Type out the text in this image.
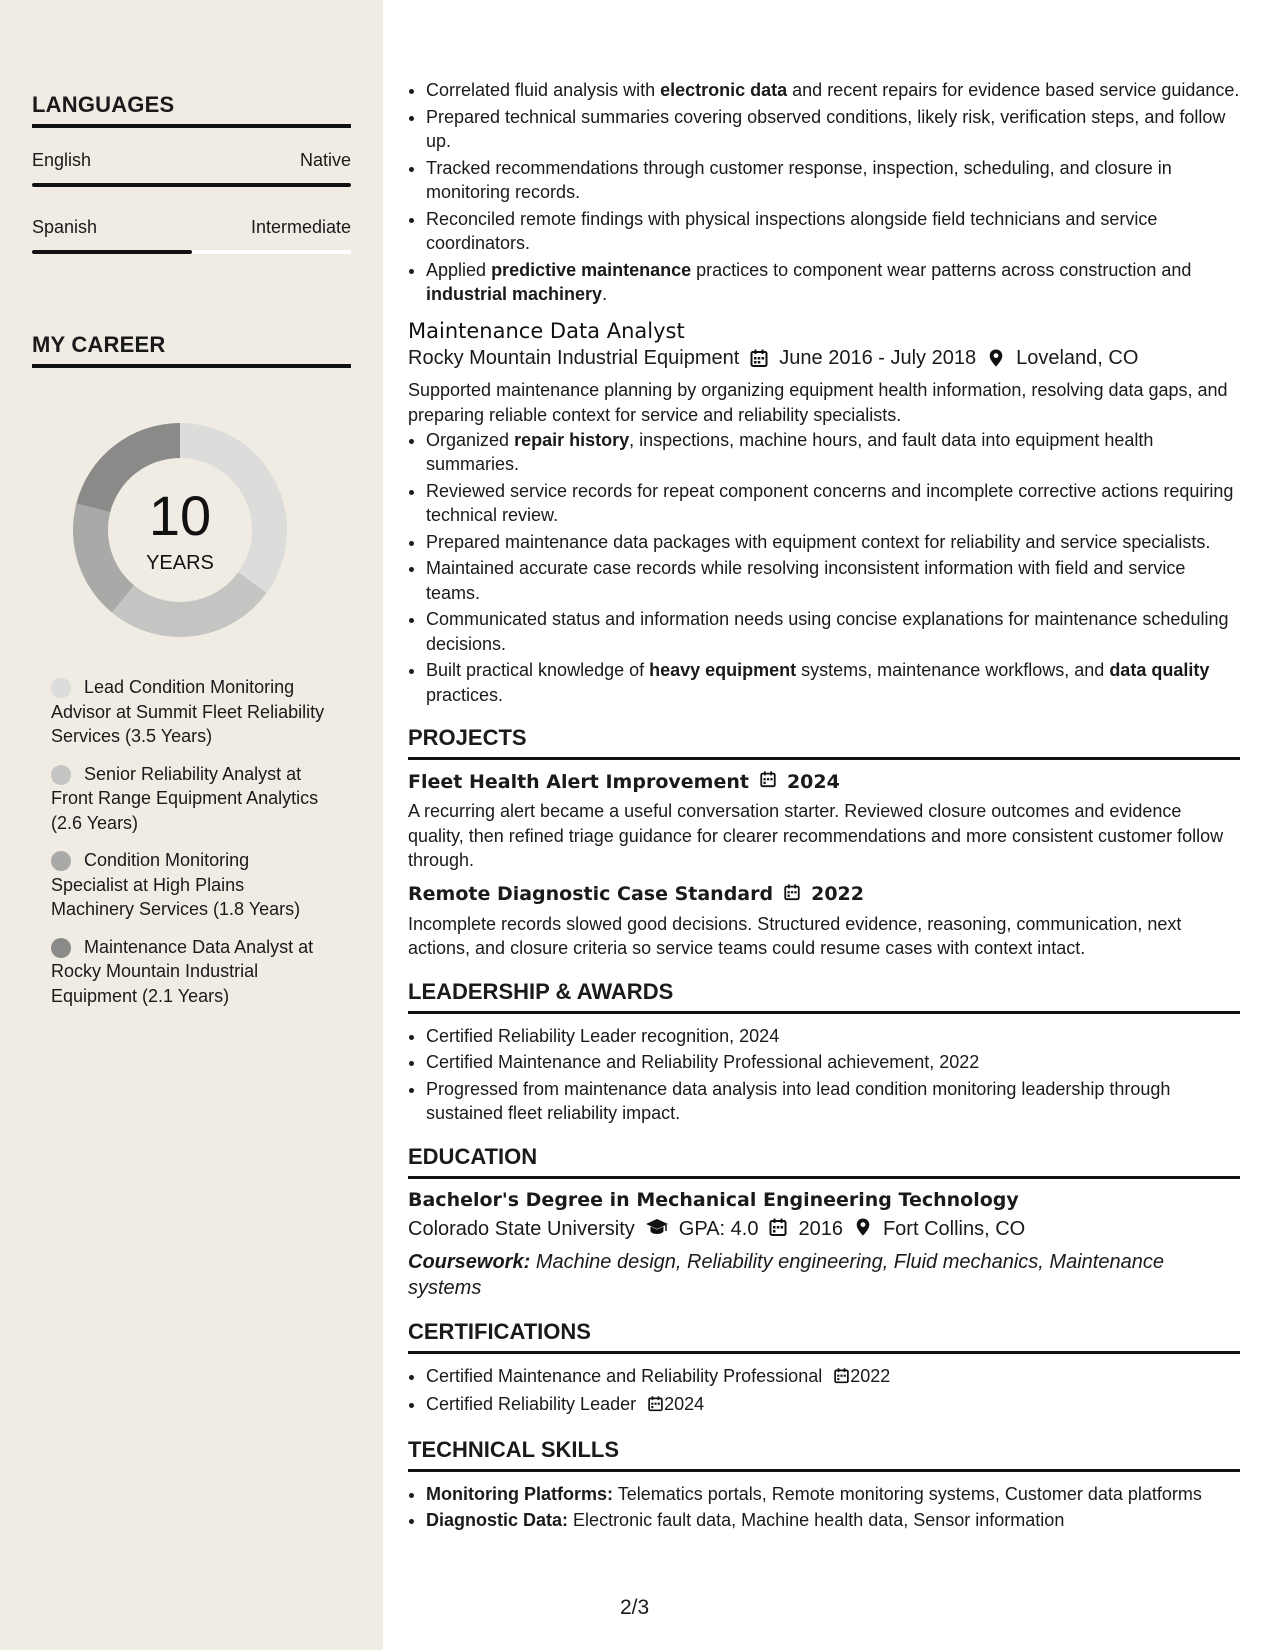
LANGUAGES
English	Native
Spanish	Intermediate
MY CAREER
10
YEARS
Lead Condition Monitoring Advisor at Summit Fleet Reliability Services (3.5 Years)
Senior Reliability Analyst at Front Range Equipment Analytics (2.6 Years)
Condition Monitoring Specialist at High Plains Machinery Services (1.8 Years)
Maintenance Data Analyst at Rocky Mountain Industrial Equipment (2.1 Years)
• Correlated fluid analysis with electronic data and recent repairs for evidence based service guidance.
• Prepared technical summaries covering observed conditions, likely risk, verification steps, and follow up.
• Tracked recommendations through customer response, inspection, scheduling, and closure in monitoring records.
• Reconciled remote findings with physical inspections alongside field technicians and service coordinators.
• Applied predictive maintenance practices to component wear patterns across construction and industrial machinery.
Maintenance Data Analyst
Rocky Mountain Industrial Equipment June 2016 - July 2018 Loveland, CO

Supported maintenance planning by organizing equipment health information, resolving data gaps, and preparing reliable context for service and reliability specialists.

• Organized repair history, inspections, machine hours, and fault data into equipment health summaries.
• Reviewed service records for repeat component concerns and incomplete corrective actions requiring technical review.
• Prepared maintenance data packages with equipment context for reliability and service specialists.
• Maintained accurate case records while resolving inconsistent information with field and service teams.
• Communicated status and information needs using concise explanations for maintenance scheduling decisions.
• Built practical knowledge of heavy equipment systems, maintenance workflows, and data quality practices.
PROJECTS
Fleet Health Alert Improvement 2024

A recurring alert became a useful conversation starter. Reviewed closure outcomes and evidence quality, then refined triage guidance for clearer recommendations and more consistent customer follow through.

Remote Diagnostic Case Standard 2022

Incomplete records slowed good decisions. Structured evidence, reasoning, communication, next actions, and closure criteria so service teams could resume cases with context intact.

LEADERSHIP & AWARDS
• Certified Reliability Leader recognition, 2024
• Certified Maintenance and Reliability Professional achievement, 2022
• Progressed from maintenance data analysis into lead condition monitoring leadership through sustained fleet reliability impact.
EDUCATION
Bachelor's Degree in Mechanical Engineering Technology
Colorado State University GPA: 4.0 2016 Fort Collins, CO
Coursework: Machine design, Reliability engineering, Fluid mechanics, Maintenance systems
CERTIFICATIONS
• Certified Maintenance and Reliability Professional 2022
• Certified Reliability Leader 2024
TECHNICAL SKILLS
• Monitoring Platforms: Telematics portals, Remote monitoring systems, Customer data platforms
• Diagnostic Data: Electronic fault data, Machine health data, Sensor information
2/3
